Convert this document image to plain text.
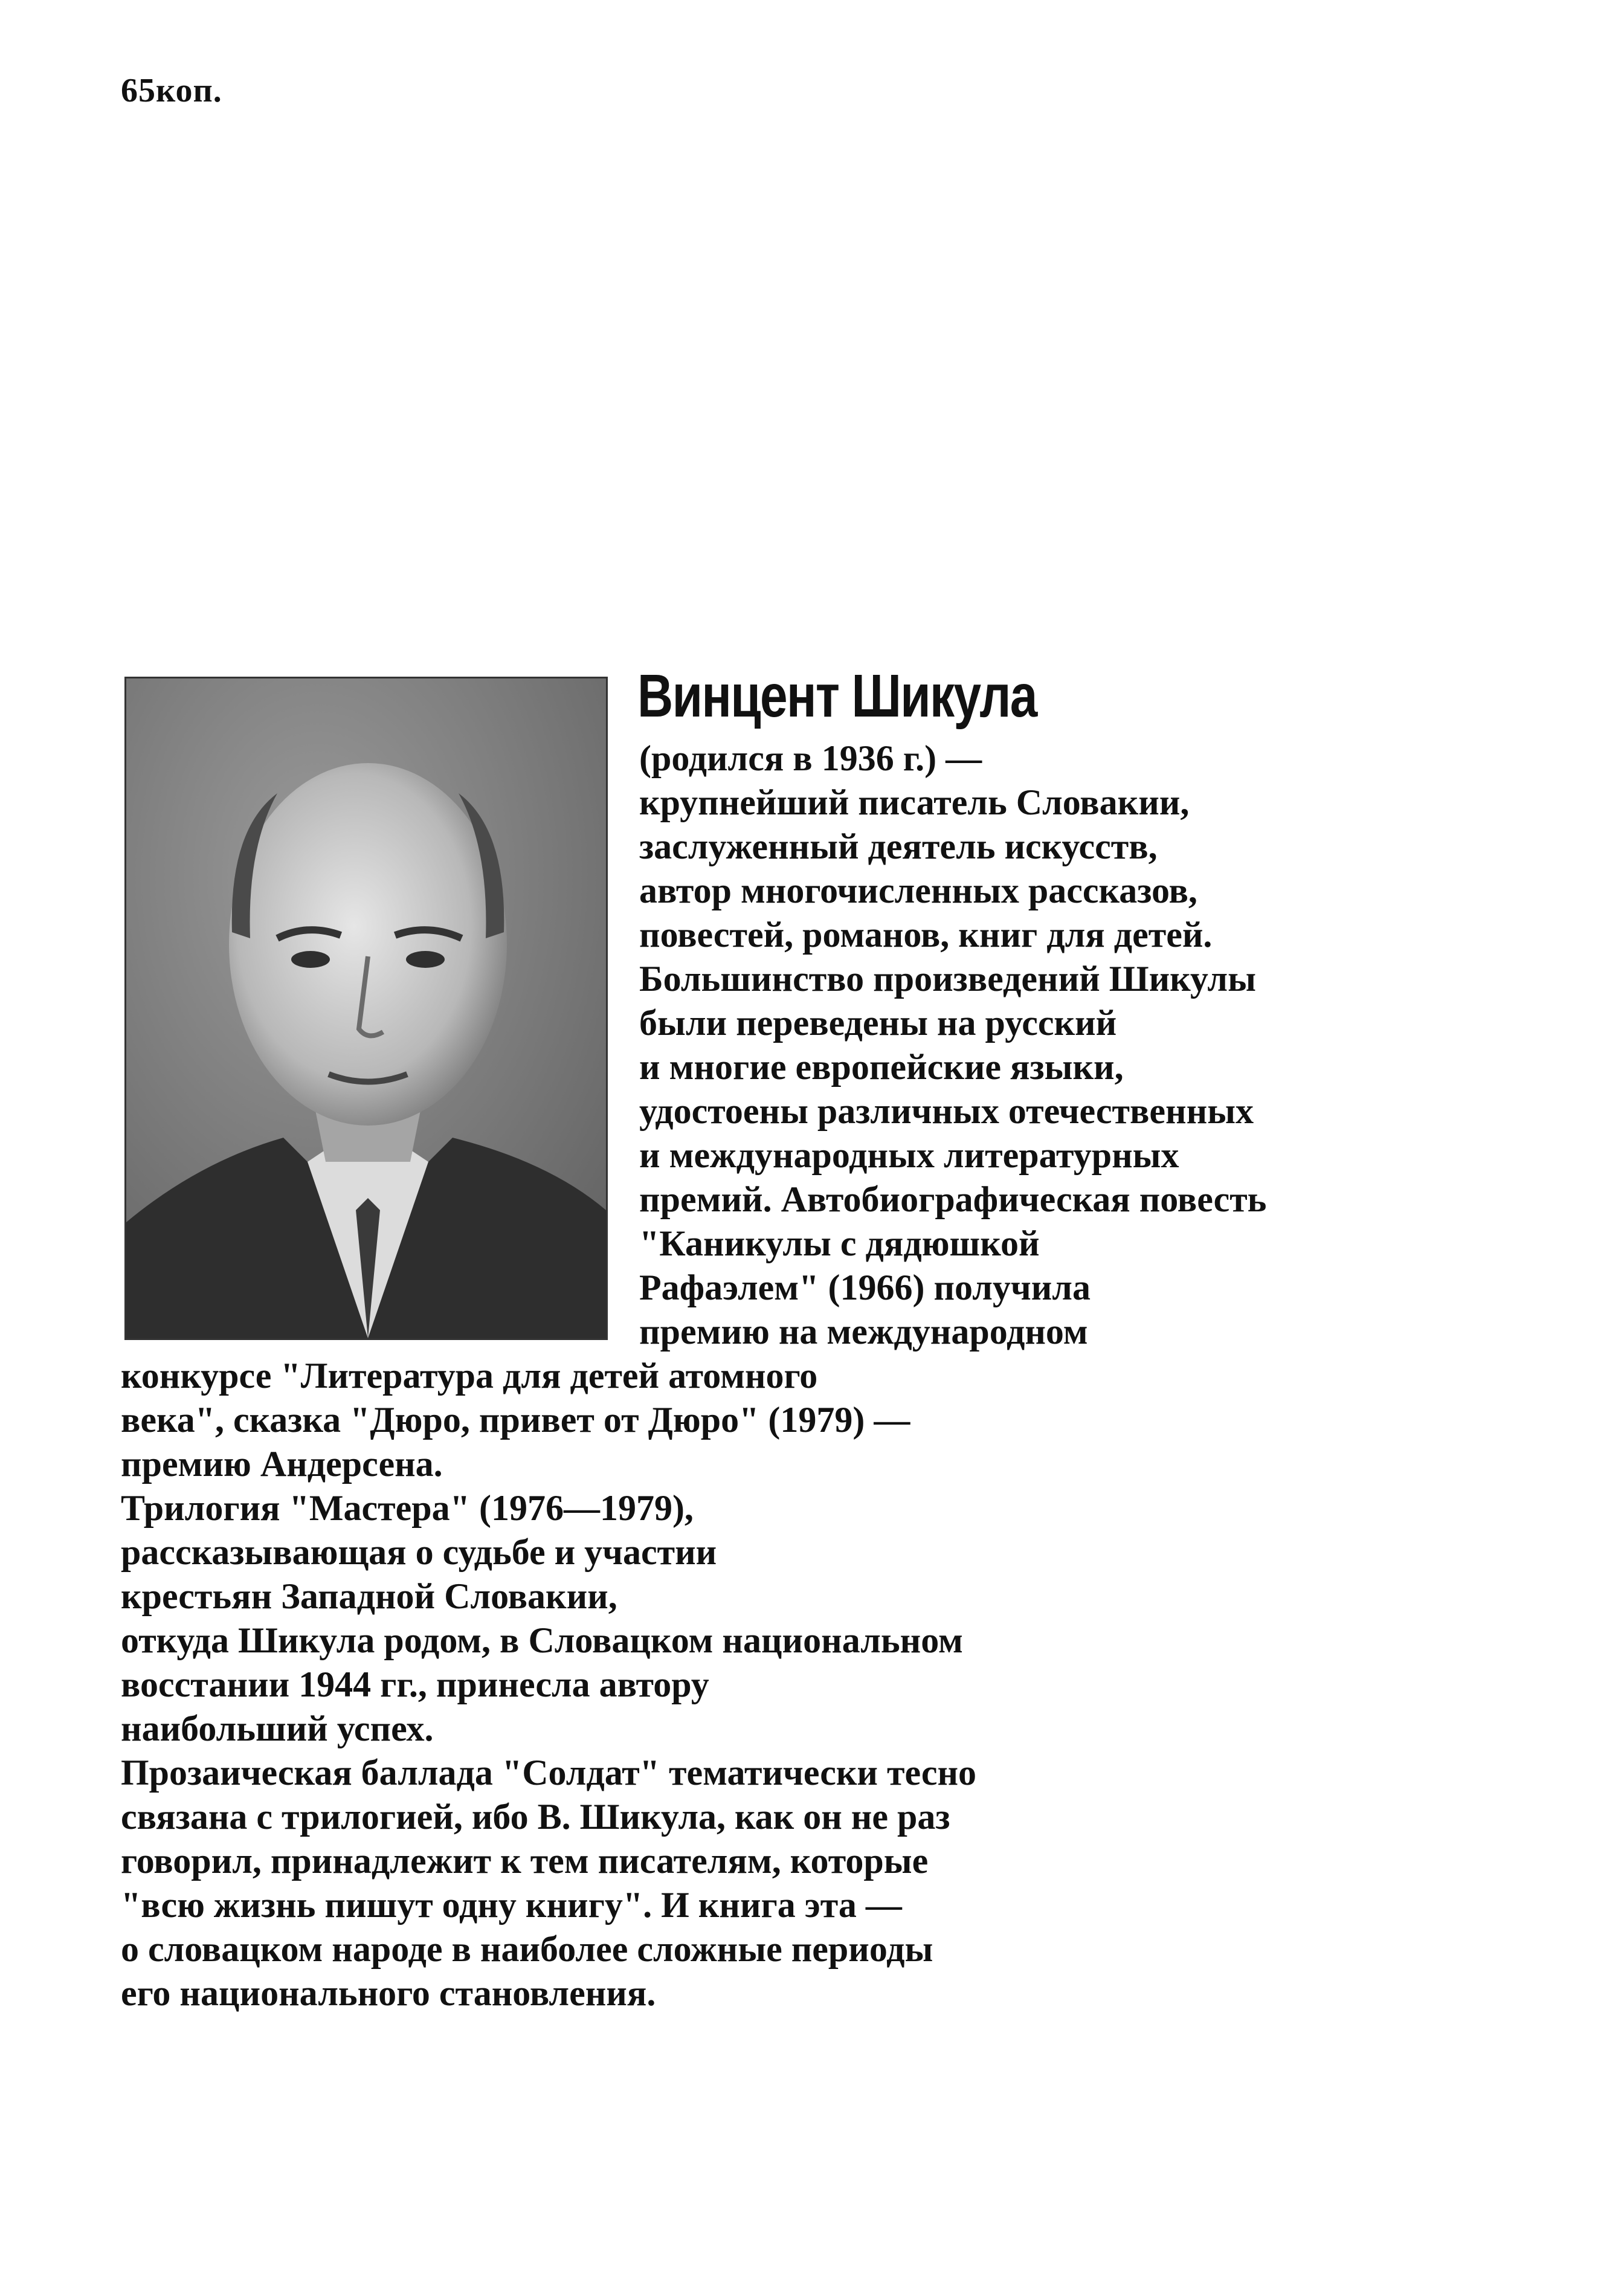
65коп.
Винцент Шикула
(родился в 1936 г.) —
крупнейший писатель Словакии,
заслуженный деятель искусств,
автор многочисленных рассказов,
повестей, романов, книг для детей.
Большинство произведений Шикулы
были переведены на русский
и многие европейские языки,
удостоены различных отечественных
и международных литературных
премий. Автобиографическая повесть
"Каникулы с дядюшкой
Рафаэлем" (1966) получила
премию на международном
конкурсе "Литература для детей атомного
века", сказка "Дюро, привет от Дюро" (1979) —
премию Андерсена.
Трилогия "Мастера" (1976—1979),
рассказывающая о судьбе и участии
крестьян Западной Словакии,
откуда Шикула родом, в Словацком национальном
восстании 1944 гг., принесла автору
наибольший успех.
Прозаическая баллада "Солдат" тематически тесно
связана с трилогией, ибо В. Шикула, как он не раз
говорил, принадлежит к тем писателям, которые
"всю жизнь пишут одну книгу". И книга эта —
о словацком народе в наиболее сложные периоды
его национального становления.
